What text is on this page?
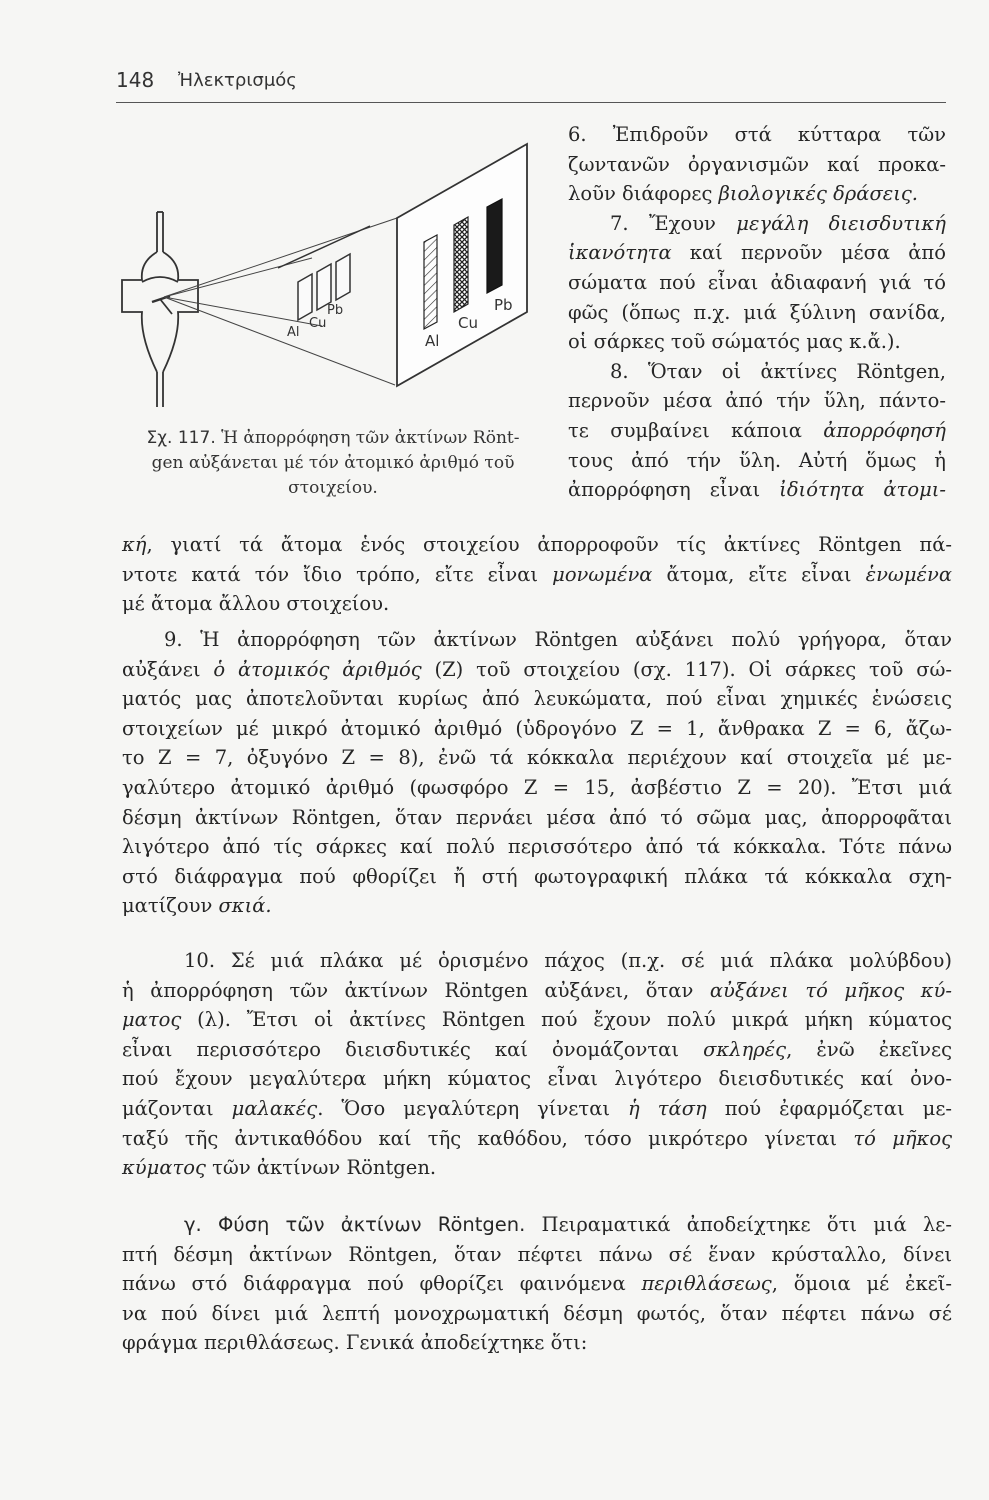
148 Ἠλεκτρισμός
Al
Cu
Pb
Al
Cu
Pb
Σχ. 117. Ἡ ἀπορρόφηση τῶν ἀκτίνων Rönt-
gen αὐξάνεται μέ τόν ἀτομικό ἀριθμό τοῦ
στοιχείου.
6. Ἐπιδροῦν στά κύτταρα τῶν
ζωντανῶν ὀργανισμῶν καί προκα-
λοῦν διάφορες βιολογικές δράσεις.
7. Ἔχουν μεγάλη διεισδυτική
ἱκανότητα καί περνοῦν μέσα ἀπό
σώματα πού εἶναι ἀδιαφανή γιά τό
φῶς (ὅπως π.χ. μιά ξύλινη σανίδα,
οἱ σάρκες τοῦ σώματός μας κ.ἄ.).
8. Ὅταν οἱ ἀκτίνες Röntgen,
περνοῦν μέσα ἀπό τήν ὕλη, πάντο-
τε συμβαίνει κάποια ἀπορρόφησή
τους ἀπό τήν ὕλη. Αὐτή ὅμως ἡ
ἀπορρόφηση εἶναι ἰδιότητα ἀτομι-
κή, γιατί τά ἄτομα ἑνός στοιχείου ἀπορροφοῦν τίς ἀκτίνες Röntgen πά-
ντοτε κατά τόν ἴδιο τρόπο, εἴτε εἶναι μονωμένα ἄτομα, εἴτε εἶναι ἑνωμένα
μέ ἄτομα ἄλλου στοιχείου.
9. Ἡ ἀπορρόφηση τῶν ἀκτίνων Röntgen αὐξάνει πολύ γρήγορα, ὅταν
αὐξάνει ὁ ἀτομικός ἀριθμός (Ζ) τοῦ στοιχείου (σχ. 117). Οἱ σάρκες τοῦ σώ-
ματός μας ἀποτελοῦνται κυρίως ἀπό λευκώματα, πού εἶναι χημικές ἑνώσεις
στοιχείων μέ μικρό ἀτομικό ἀριθμό (ὑδρογόνο Ζ = 1, ἄνθρακα Ζ = 6, ἄζω-
το Ζ = 7, ὀξυγόνο Ζ = 8), ἐνῶ τά κόκκαλα περιέχουν καί στοιχεῖα μέ με-
γαλύτερο ἀτομικό ἀριθμό (φωσφόρο Ζ = 15, ἀσβέστιο Ζ = 20). Ἔτσι μιά
δέσμη ἀκτίνων Röntgen, ὅταν περνάει μέσα ἀπό τό σῶμα μας, ἀπορροφᾶται
λιγότερο ἀπό τίς σάρκες καί πολύ περισσότερο ἀπό τά κόκκαλα. Τότε πάνω
στό διάφραγμα πού φθορίζει ἤ στή φωτογραφική πλάκα τά κόκκαλα σχη-
ματίζουν σκιά.
10. Σέ μιά πλάκα μέ ὁρισμένο πάχος (π.χ. σέ μιά πλάκα μολύβδου)
ἡ ἀπορρόφηση τῶν ἀκτίνων Röntgen αὐξάνει, ὅταν αὐξάνει τό μῆκος κύ-
ματος (λ). Ἔτσι οἱ ἀκτίνες Röntgen πού ἔχουν πολύ μικρά μήκη κύματος
εἶναι περισσότερο διεισδυτικές καί ὀνομάζονται σκληρές, ἐνῶ ἐκεῖνες
πού ἔχουν μεγαλύτερα μήκη κύματος εἶναι λιγότερο διεισδυτικές καί ὀνο-
μάζονται μαλακές. Ὅσο μεγαλύτερη γίνεται ἡ τάση πού ἐφαρμόζεται με-
ταξύ τῆς ἀντικαθόδου καί τῆς καθόδου, τόσο μικρότερο γίνεται τό μῆκος
κύματος τῶν ἀκτίνων Röntgen.
γ. Φύση τῶν ἀκτίνων Röntgen. Πειραματικά ἀποδείχτηκε ὅτι μιά λε-
πτή δέσμη ἀκτίνων Röntgen, ὅταν πέφτει πάνω σέ ἕναν κρύσταλλο, δίνει
πάνω στό διάφραγμα πού φθορίζει φαινόμενα περιθλάσεως, ὅμοια μέ ἐκεῖ-
να πού δίνει μιά λεπτή μονοχρωματική δέσμη φωτός, ὅταν πέφτει πάνω σέ
φράγμα περιθλάσεως. Γενικά ἀποδείχτηκε ὅτι:
